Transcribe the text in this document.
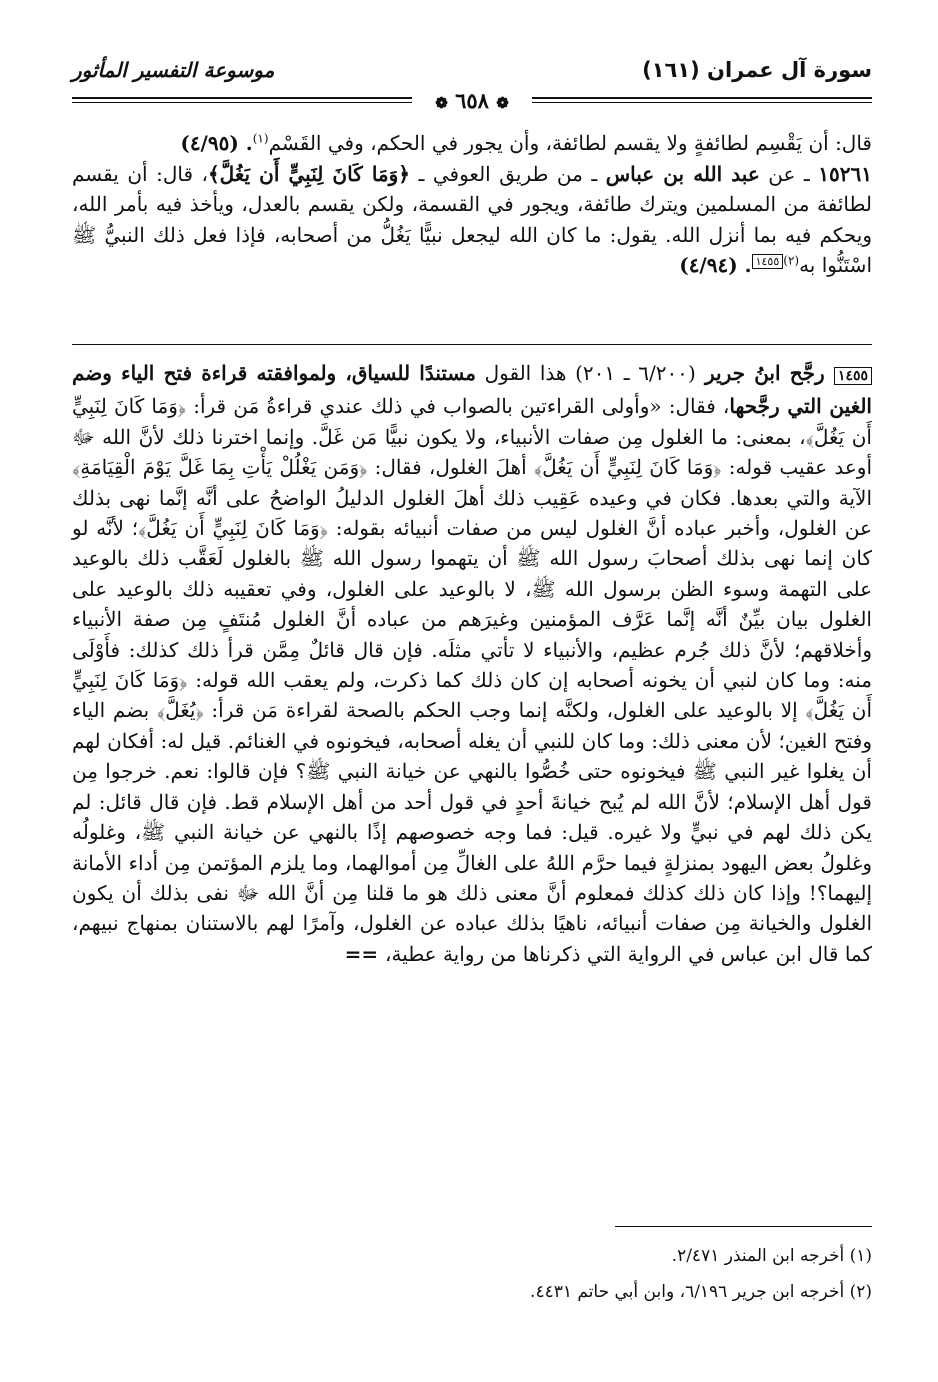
سورة آل عمران (١٦١)
موسوعة التفسير المأثور
❁ ٦٥٨ ❁

قال: أن يَقْسِم لطائفةٍ ولا يقسم لطائفة، وأن يجور في الحكم، وفي القَسْم$^{(١)}$. (٤/٩٥)

١٥٢٦١ ـ عن عبد الله بن عباس ـ من طريق العوفي ـ ﴿وَمَا كَانَ لِنَبِيٍّ أَن يَغُلَّ﴾، قال: أن يقسم لطائفة من المسلمين ويترك طائفة، ويجور في القسمة، ولكن يقسم بالعدل، ويأخذ فيه بأمر الله، ويحكم فيه بما أنزل الله. يقول: ما كان الله ليجعل نبيًّا يَغُلُّ من أصحابه، فإذا فعل ذلك النبيُّ ﷺ اسْتَنُّوا به$^{(٢)١٤٥٥}$. (٤/٩٤)

١٤٥٥ رجَّح ابنُ جرير (٦/٢٠٠ ـ ٢٠١) هذا القول مستندًا للسياق، ولموافقته قراءة فتح الياء وضم الغين التي رجَّحها، فقال: «وأولى القراءتين بالصواب في ذلك عندي قراءةُ مَن قرأ: ﴿وَمَا كَانَ لِنَبِيٍّ أَن يَغُلَّ﴾، بمعنى: ما الغلول مِن صفات الأنبياء، ولا يكون نبيًّا مَن غَلَّ. وإنما اخترنا ذلك لأنَّ الله ﷻ أوعد عقيب قوله: ﴿وَمَا كَانَ لِنَبِيٍّ أَن يَغُلَّ﴾ أهلَ الغلول، فقال: ﴿وَمَن يَغْلُلْ يَأْتِ بِمَا غَلَّ يَوْمَ الْقِيَامَةِ﴾ الآية والتي بعدها. فكان في وعيده عَقِيب ذلك أهلَ الغلول الدليلُ الواضحُ على أنَّه إنَّما نهى بذلك عن الغلول، وأخبر عباده أنَّ الغلول ليس من صفات أنبيائه بقوله: ﴿وَمَا كَانَ لِنَبِيٍّ أَن يَغُلَّ﴾؛ لأنَّه لو كان إنما نهى بذلك أصحابَ رسول الله ﷺ أن يتهموا رسول الله ﷺ بالغلول لَعَقَّب ذلك بالوعيد على التهمة وسوء الظن برسول الله ﷺ، لا بالوعيد على الغلول، وفي تعقيبه ذلك بالوعيد على الغلول بيان بيِّنٌ أنَّه إنَّما عَرَّف المؤمنين وغيرَهم من عباده أنَّ الغلول مُنتَفٍ مِن صفة الأنبياء وأخلاقهم؛ لأنَّ ذلك جُرم عظيم، والأنبياء لا تأتي مثلَه. فإن قال قائلٌ مِمَّن قرأ ذلك كذلك: فأَوْلَى منه: وما كان لنبي أن يخونه أصحابه إن كان ذلك كما ذكرت، ولم يعقب الله قوله: ﴿وَمَا كَانَ لِنَبِيٍّ أَن يَغُلَّ﴾ إلا بالوعيد على الغلول، ولكنَّه إنما وجب الحكم بالصحة لقراءة مَن قرأ: ﴿يُغَلَّ﴾ بضم الياء وفتح الغين؛ لأن معنى ذلك: وما كان للنبي أن يغله أصحابه، فيخونوه في الغنائم. قيل له: أفكان لهم أن يغلوا غير النبي ﷺ فيخونوه حتى خُصُّوا بالنهي عن خيانة النبي ﷺ؟ فإن قالوا: نعم. خرجوا مِن قول أهل الإسلام؛ لأنَّ الله لم يُبح خيانةَ أحدٍ في قول أحد من أهل الإسلام قط. فإن قال قائل: لم يكن ذلك لهم في نبيٍّ ولا غيره. قيل: فما وجه خصوصهم إذًا بالنهي عن خيانة النبي ﷺ، وغلولُه وغلولُ بعض اليهود بمنزلةٍ فيما حرَّم اللهُ على الغالِّ مِن أموالهما، وما يلزم المؤتمن مِن أداء الأمانة إليهما؟! وإذا كان ذلك كذلك فمعلوم أنَّ معنى ذلك هو ما قلنا مِن أنَّ الله ﷻ نفى بذلك أن يكون الغلول والخيانة مِن صفات أنبيائه، ناهيًا بذلك عباده عن الغلول، وآمرًا لهم بالاستنان بمنهاج نبيهم، كما قال ابن عباس في الرواية التي ذكرناها من رواية عطية، ==

(١) أخرجه ابن المنذر ٢/٤٧١.

(٢) أخرجه ابن جرير ٦/١٩٦، وابن أبي حاتم ٤٤٣١.
